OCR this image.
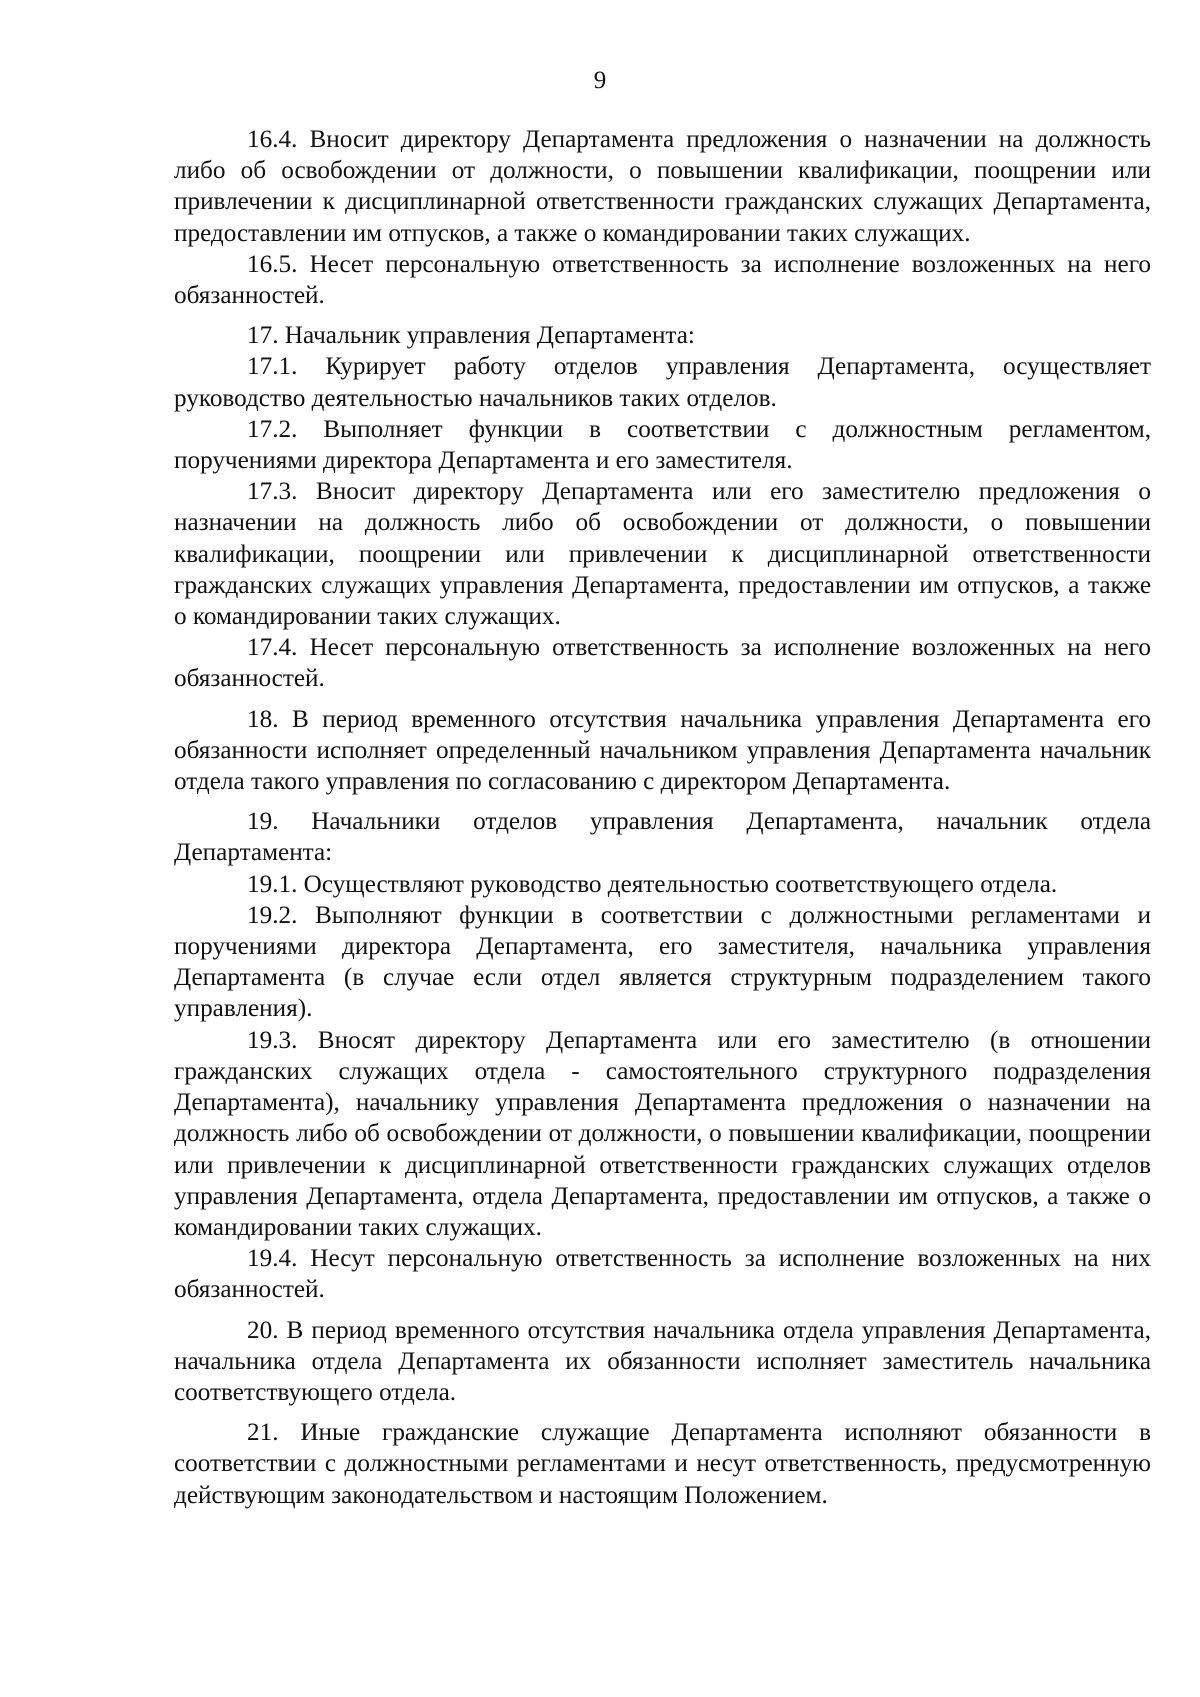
9

16.4. Вносит директору Департамента предложения о назначении на должность либо об освобождении от должности, о повышении квалификации, поощрении или привлечении к дисциплинарной ответственности гражданских служащих Департамента, предоставлении им отпусков, а также о командировании таких служащих.

16.5. Несет персональную ответственность за исполнение возложенных на него обязанностей.

17. Начальник управления Департамента:

17.1. Курирует работу отделов управления Департамента, осуществляет руководство деятельностью начальников таких отделов.

17.2. Выполняет функции в соответствии с должностным регламентом, поручениями директора Департамента и его заместителя.

17.3. Вносит директору Департамента или его заместителю предложения о назначении на должность либо об освобождении от должности, о повышении квалификации, поощрении или привлечении к дисциплинарной ответственности гражданских служащих управления Департамента, предоставлении им отпусков, а также о командировании таких служащих.

17.4. Несет персональную ответственность за исполнение возложенных на него обязанностей.

18. В период временного отсутствия начальника управления Департамента его обязанности исполняет определенный начальником управления Департамента начальник отдела такого управления по согласованию с директором Департамента.

19. Начальники отделов управления Департамента, начальник отдела Департамента:

19.1. Осуществляют руководство деятельностью соответствующего отдела.

19.2. Выполняют функции в соответствии с должностными регламентами и поручениями директора Департамента, его заместителя, начальника управления Департамента (в случае если отдел является структурным подразделением такого управления).

19.3. Вносят директору Департамента или его заместителю (в отношении гражданских служащих отдела - самостоятельного структурного подразделения Департамента), начальнику управления Департамента предложения о назначении на должность либо об освобождении от должности, о повышении квалификации, поощрении или привлечении к дисциплинарной ответственности гражданских служащих отделов управления Департамента, отдела Департамента, предоставлении им отпусков, а также о командировании таких служащих.

19.4. Несут персональную ответственность за исполнение возложенных на них обязанностей.

20. В период временного отсутствия начальника отдела управления Департамента, начальника отдела Департамента их обязанности исполняет заместитель начальника соответствующего отдела.

21. Иные гражданские служащие Департамента исполняют обязанности в соответствии с должностными регламентами и несут ответственность, предусмотренную действующим законодательством и настоящим Положением.
